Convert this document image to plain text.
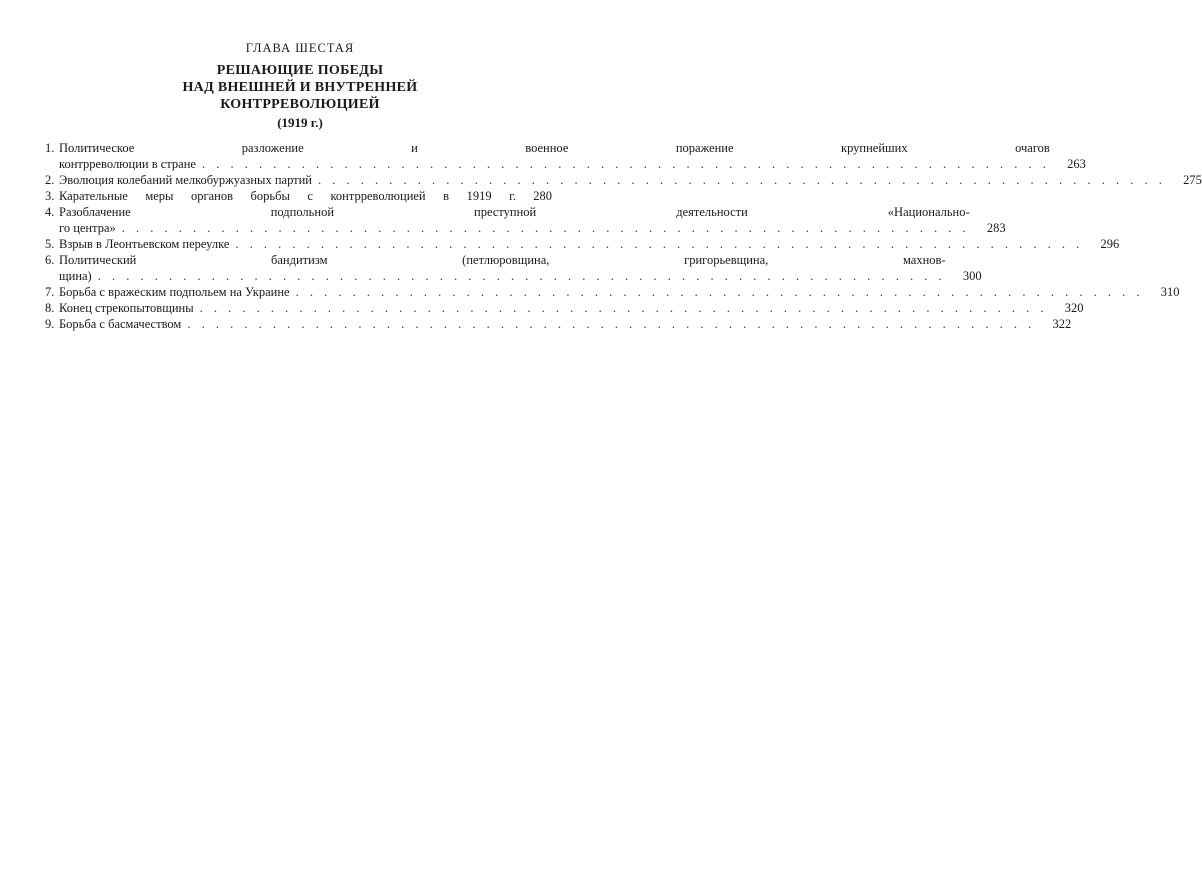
ГЛАВА ШЕСТАЯ
РЕШАЮЩИЕ ПОБЕДЫ
НАД ВНЕШНЕЙ И ВНУТРЕННЕЙ
КОНТРРЕВОЛЮЦИЕЙ
(1919 г.)
1. Политическое разложение и военное поражение крупнейших очагов
контрреволюции в стране . . .	263
2. Эволюция колебаний мелкобуржуазных партий . . .	275
3. Карательные меры органов борьбы с контрреволюцией в 1919 г.	280
4. Разоблачение подпольной преступной деятельности «Национально-
го центра» . . .	283
5. Взрыв в Леонтьевском переулке . . .	296
6. Политический бандитизм (петлюровщина, григорьевщина, махнов-
щина) . . .	300
7. Борьба с вражеским подпольем на Украине . . .	310
8. Конец стрекопытовщины . . .	320
9. Борьба с басмачеством . . .	322
